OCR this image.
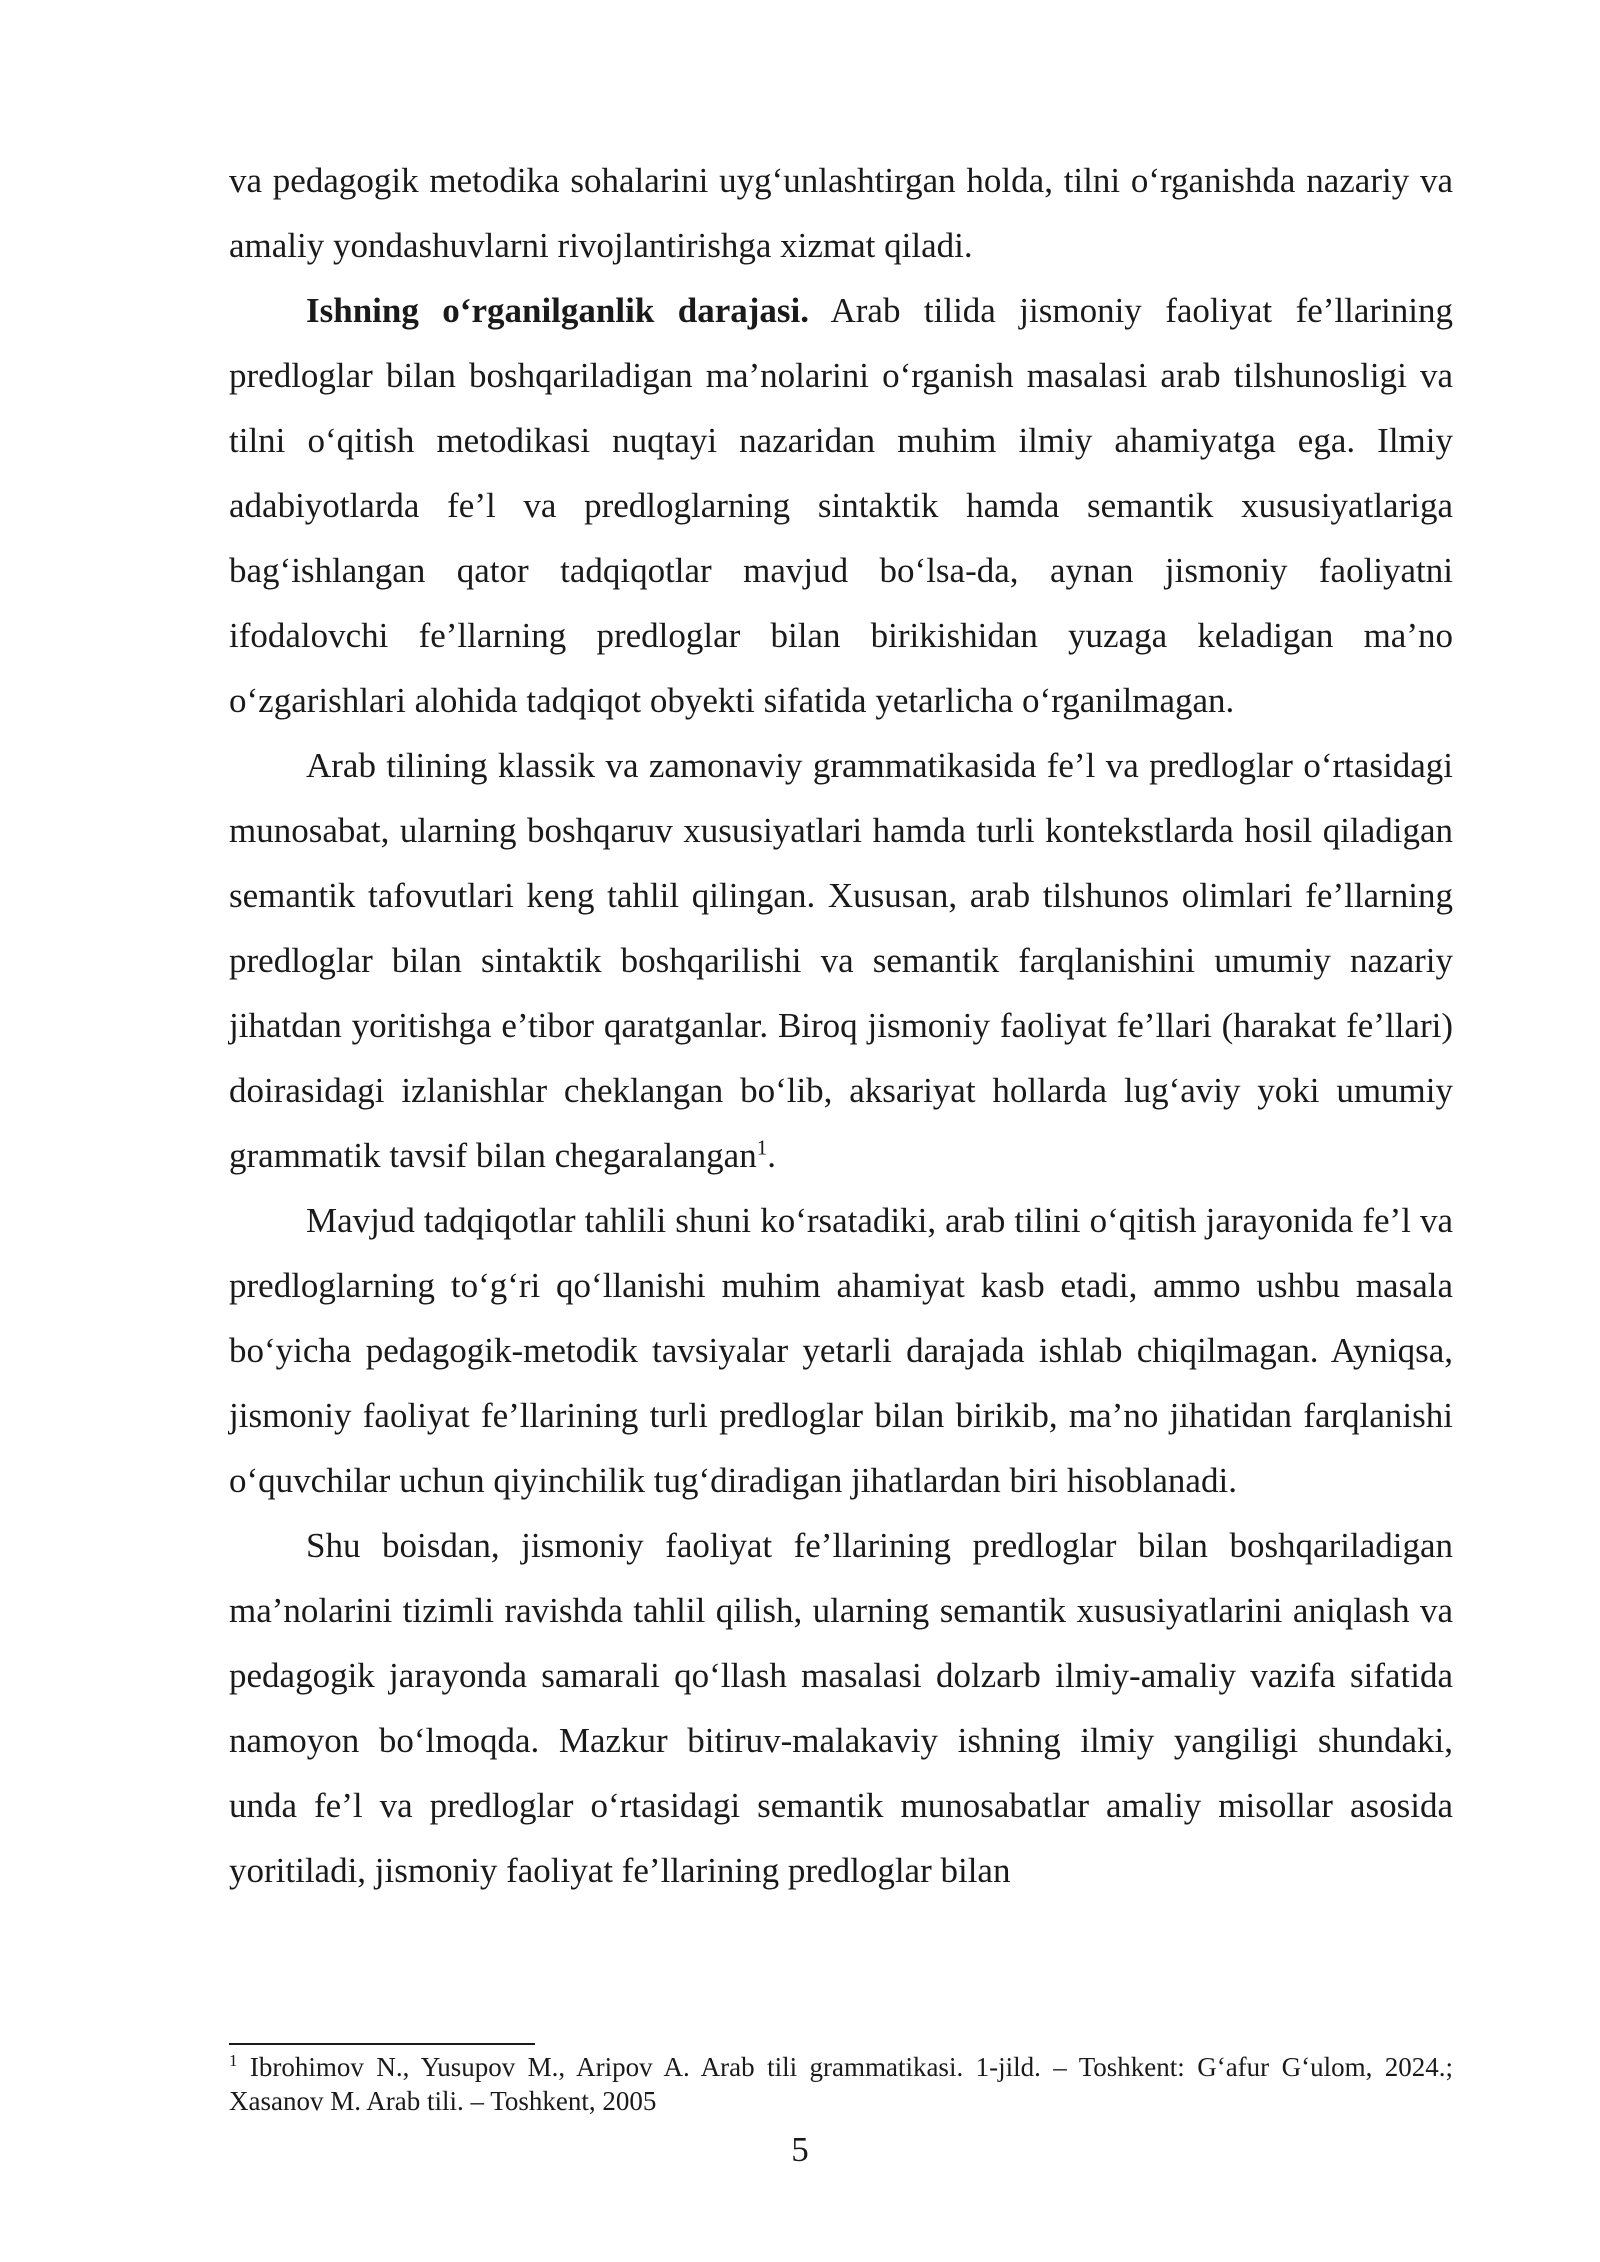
va pedagogik metodika sohalarini uyg‘unlashtirgan holda, tilni o‘rganishda nazariy va amaliy yondashuvlarni rivojlantirishga xizmat qiladi.

Ishning o‘rganilganlik darajasi. Arab tilida jismoniy faoliyat fe’llarining predloglar bilan boshqariladigan ma’nolarini o‘rganish masalasi arab tilshunosligi va tilni o‘qitish metodikasi nuqtayi nazaridan muhim ilmiy ahamiyatga ega. Ilmiy adabiyotlarda fe’l va predloglarning sintaktik hamda semantik xususiyatlariga bag‘ishlangan qator tadqiqotlar mavjud bo‘lsa-da, aynan jismoniy faoliyatni ifodalovchi fe’llarning predloglar bilan birikishidan yuzaga keladigan ma’no o‘zgarishlari alohida tadqiqot obyekti sifatida yetarlicha o‘rganilmagan.

Arab tilining klassik va zamonaviy grammatikasida fe’l va predloglar o‘rtasidagi munosabat, ularning boshqaruv xususiyatlari hamda turli kontekstlarda hosil qiladigan semantik tafovutlari keng tahlil qilingan. Xususan, arab tilshunos olimlari fe’llarning predloglar bilan sintaktik boshqarilishi va semantik farqlanishini umumiy nazariy jihatdan yoritishga e’tibor qaratganlar. Biroq jismoniy faoliyat fe’llari (harakat fe’llari) doirasidagi izlanishlar cheklangan bo‘lib, aksariyat hollarda lug‘aviy yoki umumiy grammatik tavsif bilan chegaralangan$^1$.

Mavjud tadqiqotlar tahlili shuni ko‘rsatadiki, arab tilini o‘qitish jarayonida fe’l va predloglarning to‘g‘ri qo‘llanishi muhim ahamiyat kasb etadi, ammo ushbu masala bo‘yicha pedagogik-metodik tavsiyalar yetarli darajada ishlab chiqilmagan. Ayniqsa, jismoniy faoliyat fe’llarining turli predloglar bilan birikib, ma’no jihatidan farqlanishi o‘quvchilar uchun qiyinchilik tug‘diradigan jihatlardan biri hisoblanadi.

Shu boisdan, jismoniy faoliyat fe’llarining predloglar bilan boshqariladigan ma’nolarini tizimli ravishda tahlil qilish, ularning semantik xususiyatlarini aniqlash va pedagogik jarayonda samarali qo‘llash masalasi dolzarb ilmiy-amaliy vazifa sifatida namoyon bo‘lmoqda. Mazkur bitiruv-malakaviy ishning ilmiy yangiligi shundaki, unda fe’l va predloglar o‘rtasidagi semantik munosabatlar amaliy misollar asosida yoritiladi, jismoniy faoliyat fe’llarining predloglar bilan

$^1$ Ibrohimov N., Yusupov M., Aripov A. Arab tili grammatikasi. 1-jild. – Toshkent: G‘afur G‘ulom, 2024.; Xasanov M. Arab tili. – Toshkent, 2005
5
